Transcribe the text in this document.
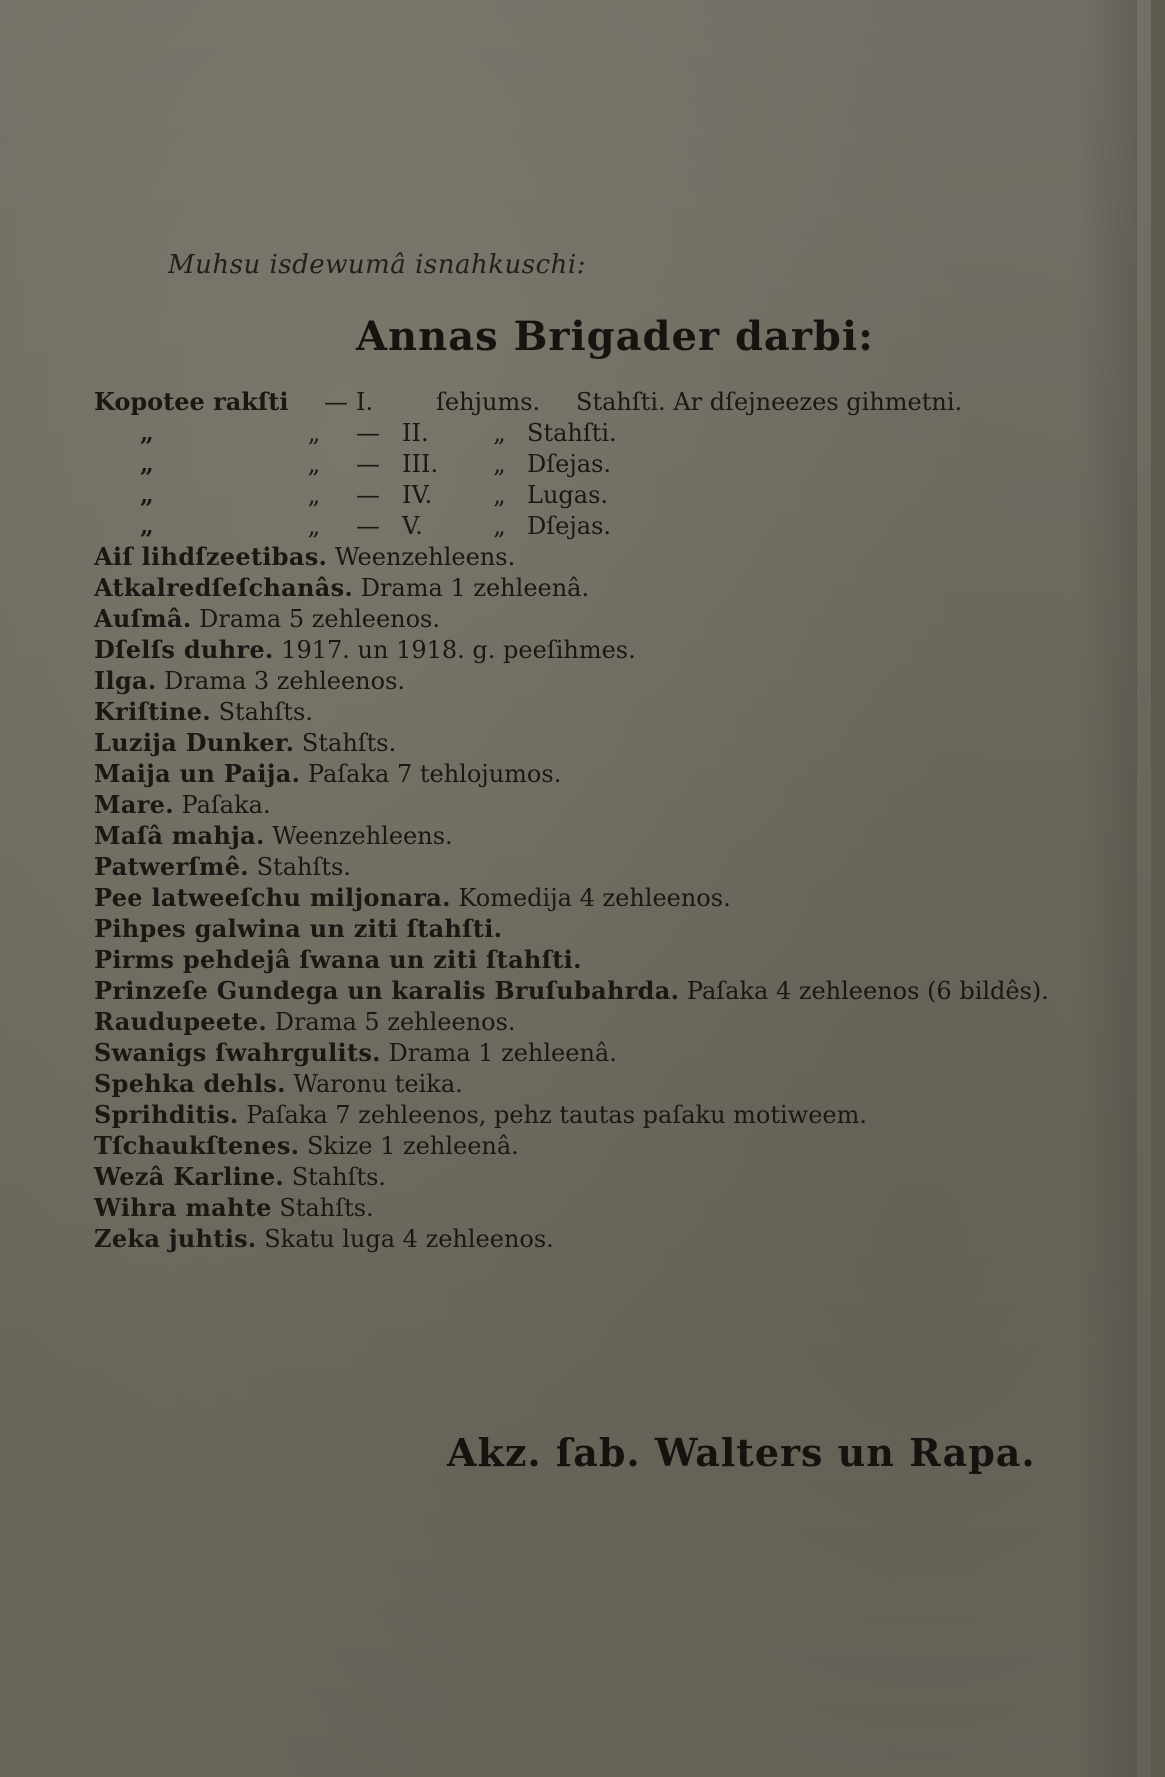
Muhsu isdewumâ isnahkuschi:
Annas Brigader darbi:
Kopotee rakſti — I.	ſehjums. Stahſti. Ar dſejneezes gihmetni.
„	„ — II.	„ Stahſti.
„	„ — III. „ Dſejas.
„	„ — IV.	„ Lugas.
„	„ — V.	„ Dſejas.
Aiſ lihdſzeetibas. Weenzehleens.
Atkalredſeſchanâs. Drama 1 zehleenâ.
Auſmâ. Drama 5 zehleenos.
Dſelſs duhre. 1917. un 1918. g. peeſihmes.
Ilga. Drama 3 zehleenos.
Kriſtine. Stahſts.
Luzija Dunker. Stahſts.
Maija un Paija. Paſaka 7 tehlojumos.
Mare. Paſaka.
Maſâ mahja. Weenzehleens.
Patwerſmê. Stahſts.
Pee latweeſchu miljonara. Komedija 4 zehleenos.
Pihpes galwina un ziti ſtahſti.
Pirms pehdejâ ſwana un ziti ſtahſti.
Prinzeſe Gundega un karalis Bruſubahrda. Paſaka 4 zehleenos (6 bildês).
Raudupeete. Drama 5 zehleenos.
Swanigs ſwahrgulits. Drama 1 zehleenâ.
Spehka dehls. Waronu teika.
Sprihditis. Paſaka 7 zehleenos, pehz tautas paſaku motiweem.
Tſchaukſtenes. Skize 1 zehleenâ.
Wezâ Karline. Stahſts.
Wihra mahte Stahſts.
Zeka juhtis. Skatu luga 4 zehleenos.
Akz. ſab. Walters un Rapa.
